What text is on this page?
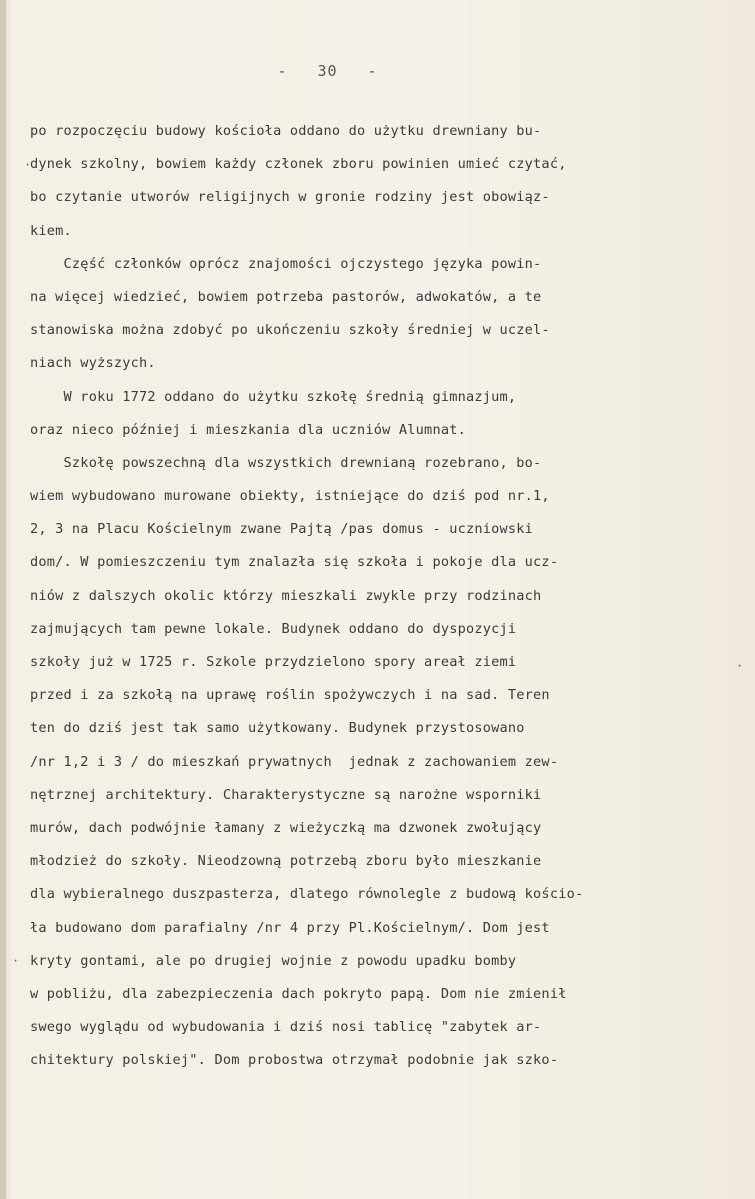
- 30 -
po rozpoczęciu budowy kościoła oddano do użytku drewniany bu-
dynek szkolny, bowiem każdy członek zboru powinien umieć czytać,
bo czytanie utworów religijnych w gronie rodziny jest obowiąz-
kiem.
Część członków oprócz znajomości ojczystego języka powin-
na więcej wiedzieć, bowiem potrzeba pastorów, adwokatów, a te
stanowiska można zdobyć po ukończeniu szkoły średniej w uczel-
niach wyższych.
W roku 1772 oddano do użytku szkołę średnią gimnazjum,
oraz nieco później i mieszkania dla uczniów Alumnat.
Szkołę powszechną dla wszystkich drewnianą rozebrano, bo-
wiem wybudowano murowane obiekty, istniejące do dziś pod nr.1,
2, 3 na Placu Kościelnym zwane Pajtą /pas domus - uczniowski
dom/. W pomieszczeniu tym znalazła się szkoła i pokoje dla ucz-
niów z dalszych okolic którzy mieszkali zwykle przy rodzinach
zajmujących tam pewne lokale. Budynek oddano do dyspozycji
szkoły już w 1725 r. Szkole przydzielono spory areał ziemi
przed i za szkołą na uprawę roślin spożywczych i na sad. Teren
ten do dziś jest tak samo użytkowany. Budynek przystosowano
/nr 1,2 i 3 / do mieszkań prywatnych  jednak z zachowaniem zew-
nętrznej architektury. Charakterystyczne są narożne wsporniki
murów, dach podwójnie łamany z wieżyczką ma dzwonek zwołujący
młodzież do szkoły. Nieodzowną potrzebą zboru było mieszkanie
dla wybieralnego duszpasterza, dlatego równolegle z budową kościo-
ła budowano dom parafialny /nr 4 przy Pl.Kościelnym/. Dom jest
kryty gontami, ale po drugiej wojnie z powodu upadku bomby
w pobliżu, dla zabezpieczenia dach pokryto papą. Dom nie zmienił
swego wyglądu od wybudowania i dziś nosi tablicę "zabytek ar-
chitektury polskiej". Dom probostwa otrzymał podobnie jak szko-
·
·
·
